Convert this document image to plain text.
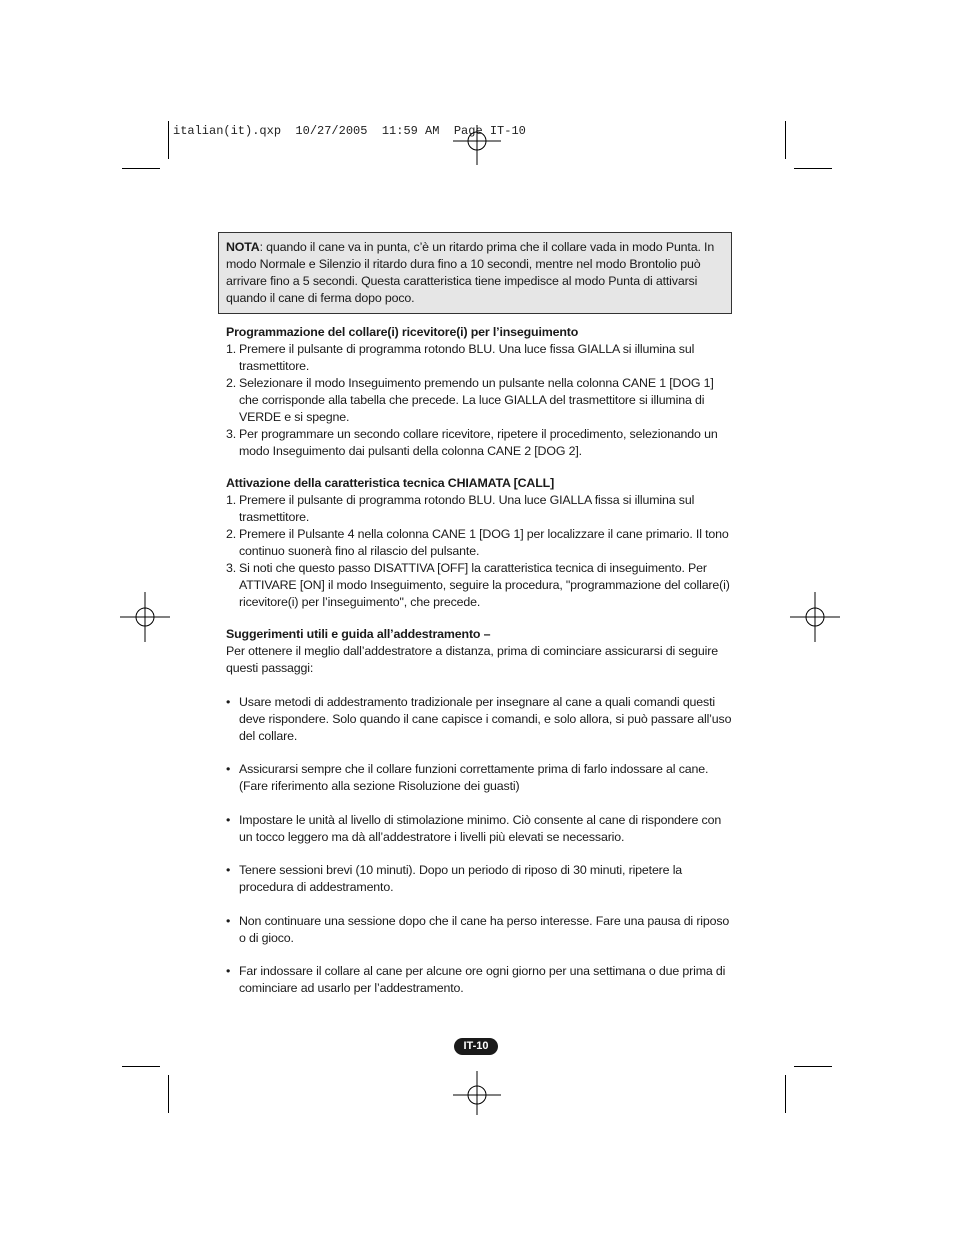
italian(it).qxp  10/27/2005  11:59 AM  Page IT-10
NOTA: quando il cane va in punta, c’è un ritardo prima che il collare vada in modo Punta. In modo Normale e Silenzio il ritardo dura fino a 10 secondi, mentre nel modo Brontolio può arrivare fino a 5 secondi. Questa caratteristica tiene impedisce al modo Punta di attivarsi quando il cane di ferma dopo poco.

Programmazione del collare(i) ricevitore(i) per l’inseguimento

1. Premere il pulsante di programma rotondo BLU. Una luce fissa GIALLA si illumina sul trasmettitore.
2. Selezionare il modo Inseguimento premendo un pulsante nella colonna CANE 1 [DOG 1] che corrisponde alla tabella che precede. La luce GIALLA del trasmettitore si illumina di VERDE e si spegne.
3. Per programmare un secondo collare ricevitore, ripetere il procedimento, selezionando un modo Inseguimento dai pulsanti della colonna CANE 2 [DOG 2].

Attivazione della caratteristica tecnica CHIAMATA [CALL]

1. Premere il pulsante di programma rotondo BLU. Una luce GIALLA fissa si illumina sul trasmettitore.
2. Premere il Pulsante 4 nella colonna CANE 1 [DOG 1] per localizzare il cane primario. Il tono continuo suonerà fino al rilascio del pulsante.
3. Si noti che questo passo DISATTIVA [OFF] la caratteristica tecnica di inseguimento. Per ATTIVARE [ON] il modo Inseguimento, seguire la procedura, "programmazione del collare(i) ricevitore(i) per l’inseguimento", che precede.

Suggerimenti utili e guida all’addestramento –

Per ottenere il meglio dall’addestratore a distanza, prima di cominciare assicurarsi di seguire questi passaggi:

• Usare metodi di addestramento tradizionale per insegnare al cane a quali comandi questi deve rispondere. Solo quando il cane capisce i comandi, e solo allora, si può passare all’uso del collare.

• Assicurarsi sempre che il collare funzioni correttamente prima di farlo indossare al cane. (Fare riferimento alla sezione Risoluzione dei guasti)

• Impostare le unità al livello di stimolazione minimo. Ciò consente al cane di rispondere con un tocco leggero ma dà all’addestratore i livelli più elevati se necessario.

• Tenere sessioni brevi (10 minuti). Dopo un periodo di riposo di 30 minuti, ripetere la procedura di addestramento.

• Non continuare una sessione dopo che il cane ha perso interesse. Fare una pausa di riposo o di gioco.

• Far indossare il collare al cane per alcune ore ogni giorno per una settimana o due prima di cominciare ad usarlo per l’addestramento.

IT-10
